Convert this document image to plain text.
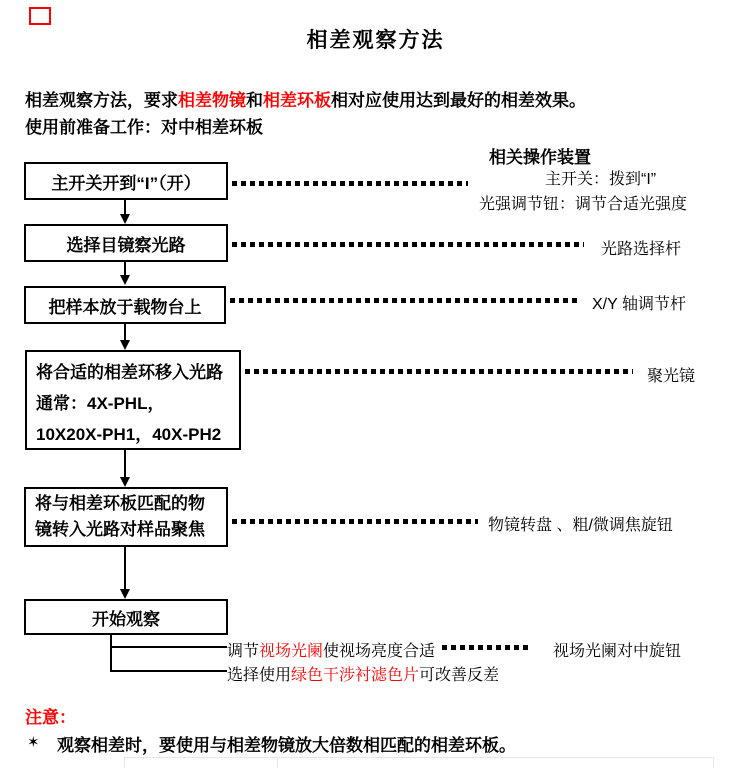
相差观察方法
相差观察方法，要求相差物镜和相差环板相对应使用达到最好的相差效果。
使用前准备工作：对中相差环板
相关操作装置
主开关：拨到“I”
光强调节钮：调节合适光强度
光路选择杆
X/Y 轴调节杆
聚光镜
物镜转盘 、粗/微调焦旋钮
视场光阑对中旋钮
主开关开到“I”（开）
选择目镜察光路
把样本放于载物台上
将合适的相差环移入光路
通常：4X-PHL，
10X20X-PH1，40X-PH2
将与相差环板匹配的物
镜转入光路对样品聚焦
开始观察
调节视场光阑使视场亮度合适
选择使用绿色干涉衬滤色片可改善反差
注意：
✶ 观察相差时，要使用与相差物镜放大倍数相匹配的相差环板。
